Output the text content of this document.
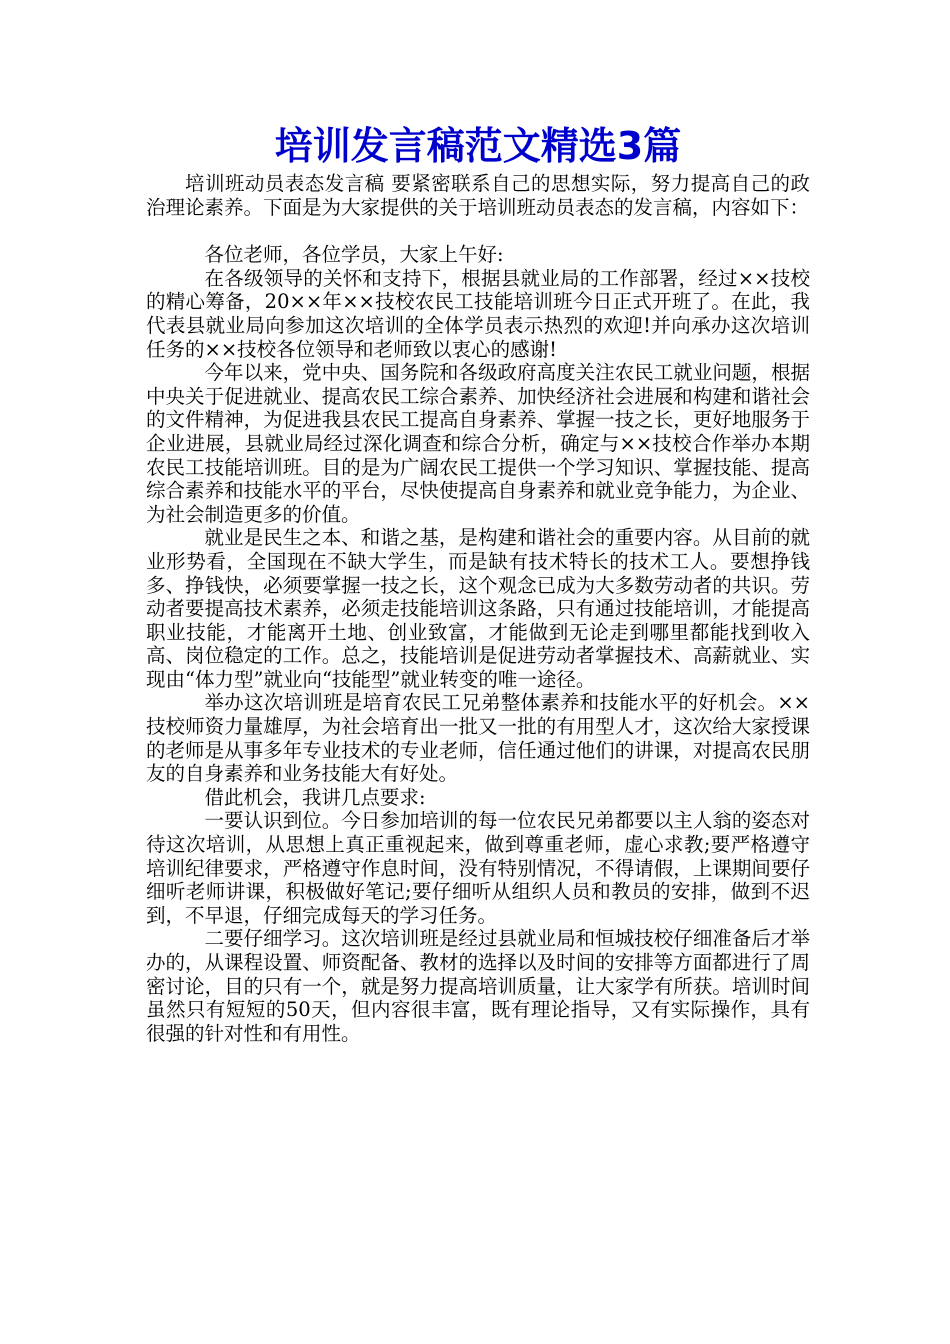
培训发言稿范文精选3篇

培训班动员表态发言稿 要紧密联系自己的思想实际，努力提高自己的政治理论素养。下面是为大家提供的关于培训班动员表态的发言稿，内容如下：

各位老师，各位学员，大家上午好:

在各级领导的关怀和支持下，根据县就业局的工作部署，经过××技校的精心筹备，20××年××技校农民工技能培训班今日正式开班了。在此，我代表县就业局向参加这次培训的全体学员表示热烈的欢迎!并向承办这次培训任务的××技校各位领导和老师致以衷心的感谢!

今年以来，党中央、国务院和各级政府高度关注农民工就业问题，根据中央关于促进就业、提高农民工综合素养、加快经济社会进展和构建和谐社会的文件精神，为促进我县农民工提高自身素养、掌握一技之长，更好地服务于企业进展，县就业局经过深化调查和综合分析，确定与××技校合作举办本期农民工技能培训班。目的是为广阔农民工提供一个学习知识、掌握技能、提高综合素养和技能水平的平台，尽快使提高自身素养和就业竞争能力，为企业、为社会制造更多的价值。

就业是民生之本、和谐之基，是构建和谐社会的重要内容。从目前的就业形势看，全国现在不缺大学生，而是缺有技术特长的技术工人。要想挣钱多、挣钱快，必须要掌握一技之长，这个观念已成为大多数劳动者的共识。劳动者要提高技术素养，必须走技能培训这条路，只有通过技能培训，才能提高职业技能，才能离开土地、创业致富，才能做到无论走到哪里都能找到收入高、岗位稳定的工作。总之，技能培训是促进劳动者掌握技术、高薪就业、实现由“体力型”就业向“技能型”就业转变的唯一途径。

举办这次培训班是培育农民工兄弟整体素养和技能水平的好机会。××技校师资力量雄厚，为社会培育出一批又一批的有用型人才，这次给大家授课的老师是从事多年专业技术的专业老师，信任通过他们的讲课，对提高农民朋友的自身素养和业务技能大有好处。

借此机会，我讲几点要求:

一要认识到位。今日参加培训的每一位农民兄弟都要以主人翁的姿态对待这次培训，从思想上真正重视起来，做到尊重老师，虚心求教;要严格遵守培训纪律要求，严格遵守作息时间，没有特别情况，不得请假，上课期间要仔细听老师讲课，积极做好笔记;要仔细听从组织人员和教员的安排，做到不迟到，不早退，仔细完成每天的学习任务。

二要仔细学习。这次培训班是经过县就业局和恒城技校仔细准备后才举办的，从课程设置、师资配备、教材的选择以及时间的安排等方面都进行了周密讨论，目的只有一个，就是努力提高培训质量，让大家学有所获。培训时间虽然只有短短的50天，但内容很丰富，既有理论指导，又有实际操作，具有很强的针对性和有用性。
